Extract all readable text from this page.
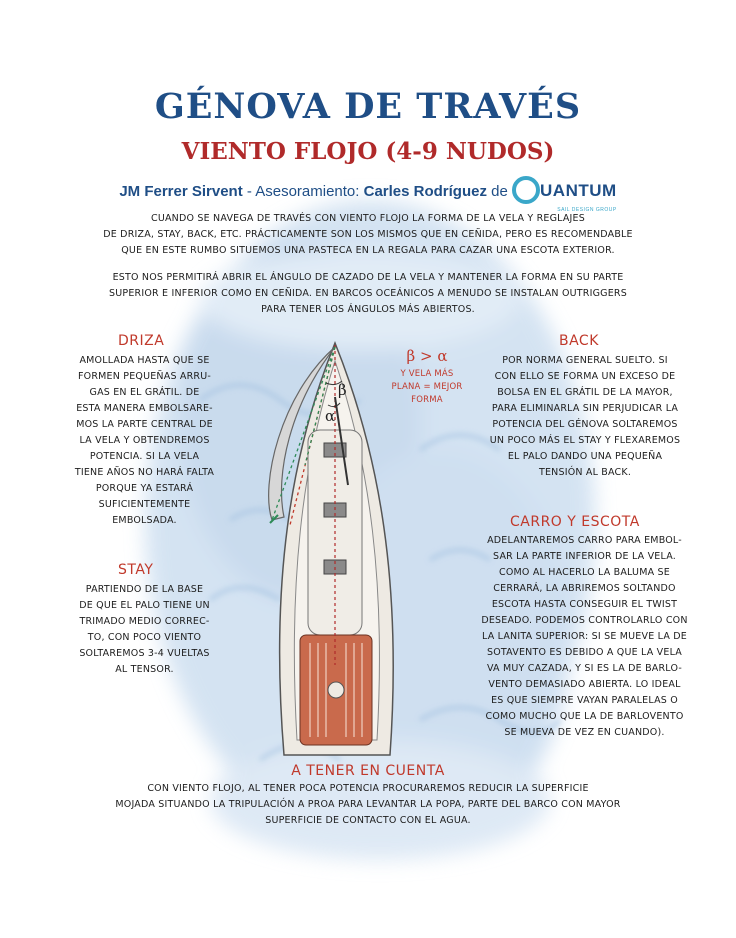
GÉNOVA DE TRAVÉS
VIENTO FLOJO (4-9 NUDOS)
JM Ferrer Sirvent - Asesoramiento: Carles Rodríguez de UANTUM
SAIL DESIGN GROUP
CUANDO SE NAVEGA DE TRAVÉS CON VIENTO FLOJO LA FORMA DE LA VELA Y REGLAJES
DE DRIZA, STAY, BACK, ETC. PRÁCTICAMENTE SON LOS MISMOS QUE EN CEÑIDA, PERO ES RECOMENDABLE
QUE EN ESTE RUMBO SITUEMOS UNA PASTECA EN LA REGALA PARA CAZAR UNA ESCOTA EXTERIOR.
ESTO NOS PERMITIRÁ ABRIR EL ÁNGULO DE CAZADO DE LA VELA Y MANTENER LA FORMA EN SU PARTE
SUPERIOR E INFERIOR COMO EN CEÑIDA. EN BARCOS OCEÁNICOS A MENUDO SE INSTALAN OUTRIGGERS
PARA TENER LOS ÁNGULOS MÁS ABIERTOS.
β
α
β > α
Y VELA MÁS
PLANA = MEJOR
FORMA
DRIZA
AMOLLADA HASTA QUE SE
FORMEN PEQUEÑAS ARRU-
GAS EN EL GRÁTIL. DE
ESTA MANERA EMBOLSARE-
MOS LA PARTE CENTRAL DE
LA VELA Y OBTENDREMOS
POTENCIA. SI LA VELA
TIENE AÑOS NO HARÁ FALTA
PORQUE YA ESTARÁ
SUFICIENTEMENTE
EMBOLSADA.
STAY
PARTIENDO DE LA BASE
DE QUE EL PALO TIENE UN
TRIMADO MEDIO CORREC-
TO, CON POCO VIENTO
SOLTAREMOS 3-4 VUELTAS
AL TENSOR.
BACK
POR NORMA GENERAL SUELTO. SI
CON ELLO SE FORMA UN EXCESO DE
BOLSA EN EL GRÁTIL DE LA MAYOR,
PARA ELIMINARLA SIN PERJUDICAR LA
POTENCIA DEL GÉNOVA SOLTAREMOS
UN POCO MÁS EL STAY Y FLEXAREMOS
EL PALO DANDO UNA PEQUEÑA
TENSIÓN AL BACK.
CARRO Y ESCOTA
ADELANTAREMOS CARRO PARA EMBOL-
SAR LA PARTE INFERIOR DE LA VELA.
COMO AL HACERLO LA BALUMA SE
CERRARÁ, LA ABRIREMOS SOLTANDO
ESCOTA HASTA CONSEGUIR EL TWIST
DESEADO. PODEMOS CONTROLARLO CON
LA LANITA SUPERIOR: SI SE MUEVE LA DE
SOTAVENTO ES DEBIDO A QUE LA VELA
VA MUY CAZADA, Y SI ES LA DE BARLO-
VENTO DEMASIADO ABIERTA. LO IDEAL
ES QUE SIEMPRE VAYAN PARALELAS O
COMO MUCHO QUE LA DE BARLOVENTO
SE MUEVA DE VEZ EN CUANDO).
A TENER EN CUENTA
CON VIENTO FLOJO, AL TENER POCA POTENCIA PROCURAREMOS REDUCIR LA SUPERFICIE
MOJADA SITUANDO LA TRIPULACIÓN A PROA PARA LEVANTAR LA POPA, PARTE DEL BARCO CON MAYOR
SUPERFICIE DE CONTACTO CON EL AGUA.
